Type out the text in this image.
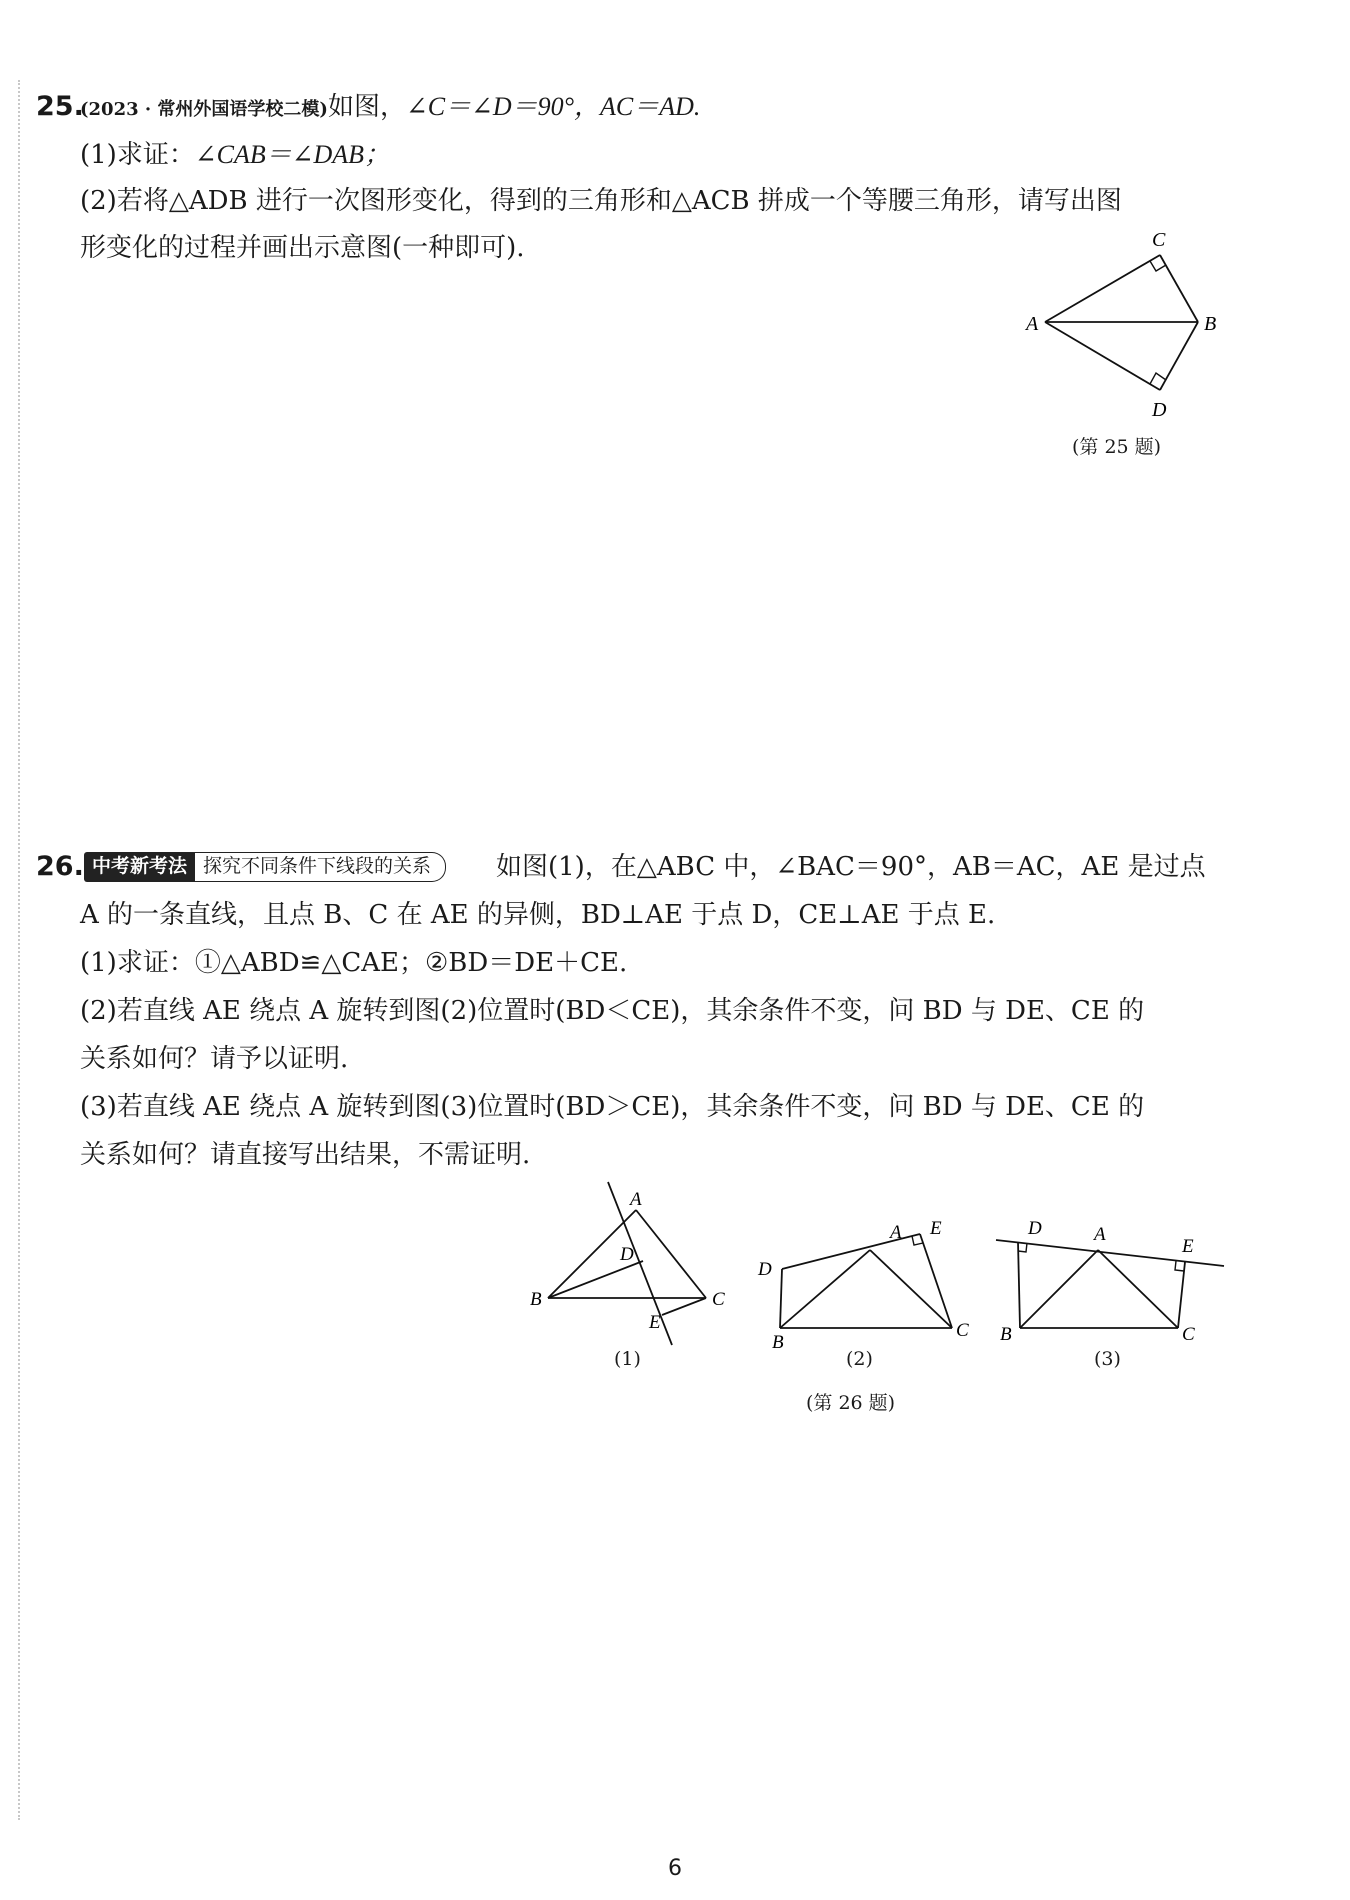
25.
(2023 · 常州外国语学校二模)如图，∠C＝∠D＝90°，AC＝AD.
(1)求证：∠CAB＝∠DAB；
(2)若将△ADB 进行一次图形变化，得到的三角形和△ACB 拼成一个等腰三角形，请写出图
形变化的过程并画出示意图(一种即可).
A
C
B
D
(第 25 题)
26. 中考新考法 探究不同条件下线段的关系	如图(1)，在△ABC 中，∠BAC＝90°，AB＝AC，AE 是过点
A 的一条直线，且点 B、C 在 AE 的异侧，BD⊥AE 于点 D，CE⊥AE 于点 E.
(1)求证：①△ABD≌△CAE；②BD＝DE＋CE.
(2)若直线 AE 绕点 A 旋转到图(2)位置时(BD＜CE)，其余条件不变，问 BD 与 DE、CE 的
关系如何？请予以证明.
(3)若直线 AE 绕点 A 旋转到图(3)位置时(BD＞CE)，其余条件不变，问 BD 与 DE、CE 的
关系如何？请直接写出结果，不需证明.
A
D
B	C
E
(1)
A E
D
B
C
(2)
D	A
E
B	C
(3)
(第 26 题)
6
